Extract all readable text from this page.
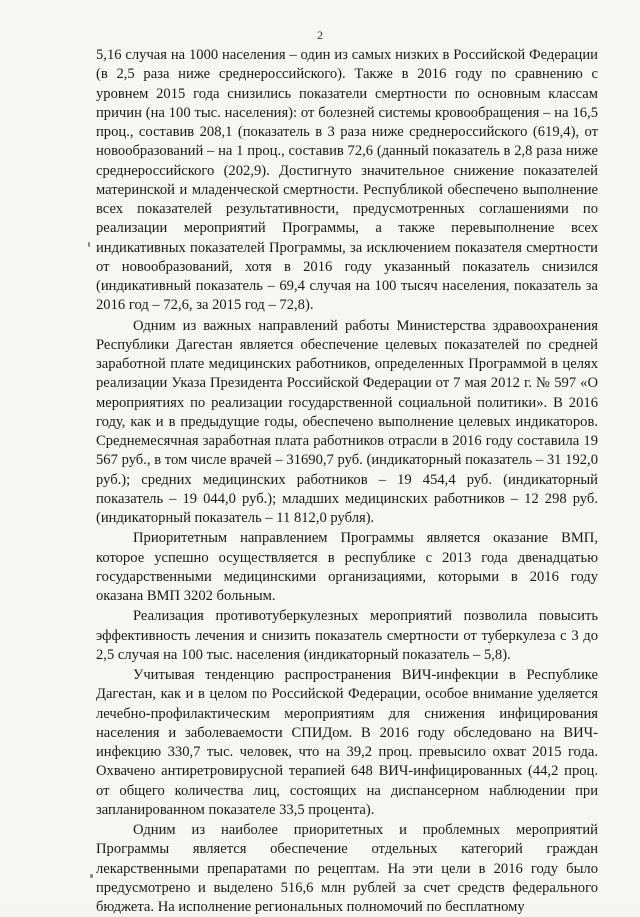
2

5,16 случая на 1000 населения – один из самых низких в Российской Федерации (в 2,5 раза ниже среднероссийского). Также в 2016 году по сравнению с уровнем 2015 года снизились показатели смертности по основным классам причин (на 100 тыс. населения): от болезней системы кровообращения – на 16,5 проц., составив 208,1 (показатель в 3 раза ниже среднероссийского (619,4), от новообразований – на 1 проц., составив 72,6 (данный показатель в 2,8 раза ниже среднероссийского (202,9). Достигнуто значительное снижение показателей материнской и младенческой смертности. Республикой обеспечено выполнение всех показателей результативности, предусмотренных соглашениями по реализации мероприятий Программы, а также перевыполнение всех индикативных показателей Программы, за исключением показателя смертности от новообразований, хотя в 2016 году указанный показатель снизился (индикативный показатель – 69,4 случая на 100 тысяч населения, показатель за 2016 год – 72,6, за 2015 год – 72,8).

Одним из важных направлений работы Министерства здравоохранения Республики Дагестан является обеспечение целевых показателей по средней заработной плате медицинских работников, определенных Программой в целях реализации Указа Президента Российской Федерации от 7 мая 2012 г. № 597 «О мероприятиях по реализации государственной социальной политики». В 2016 году, как и в предыдущие годы, обеспечено выполнение целевых индикаторов. Среднемесячная заработная плата работников отрасли в 2016 году составила 19 567 руб., в том числе врачей – 31690,7 руб. (индикаторный показатель – 31 192,0 руб.); средних медицинских работников – 19 454,4 руб. (индикаторный показатель – 19 044,0 руб.); младших медицинских работников – 12 298 руб. (индикаторный показатель – 11 812,0 рубля).

Приоритетным направлением Программы является оказание ВМП, которое успешно осуществляется в республике с 2013 года двенадцатью государственными медицинскими организациями, которыми в 2016 году оказана ВМП 3202 больным.

Реализация противотуберкулезных мероприятий позволила повысить эффективность лечения и снизить показатель смертности от туберкулеза с 3 до 2,5 случая на 100 тыс. населения (индикаторный показатель – 5,8).

Учитывая тенденцию распространения ВИЧ-инфекции в Республике Дагестан, как и в целом по Российской Федерации, особое внимание уделяется лечебно-профилактическим мероприятиям для снижения инфицирования населения и заболеваемости СПИДом. В 2016 году обследовано на ВИЧ-инфекцию 330,7 тыс. человек, что на 39,2 проц. превысило охват 2015 года. Охвачено антиретровирусной терапией 648 ВИЧ-инфицированных (44,2 проц. от общего количества лиц, состоящих на диспансерном наблюдении при запланированном показателе 33,5 процента).

Одним из наиболее приоритетных и проблемных мероприятий Программы является обеспечение отдельных категорий граждан лекарственными препаратами по рецептам. На эти цели в 2016 году было предусмотрено и выделено 516,6 млн рублей за счет средств федерального бюджета. На исполнение региональных полномочий по бесплатному
